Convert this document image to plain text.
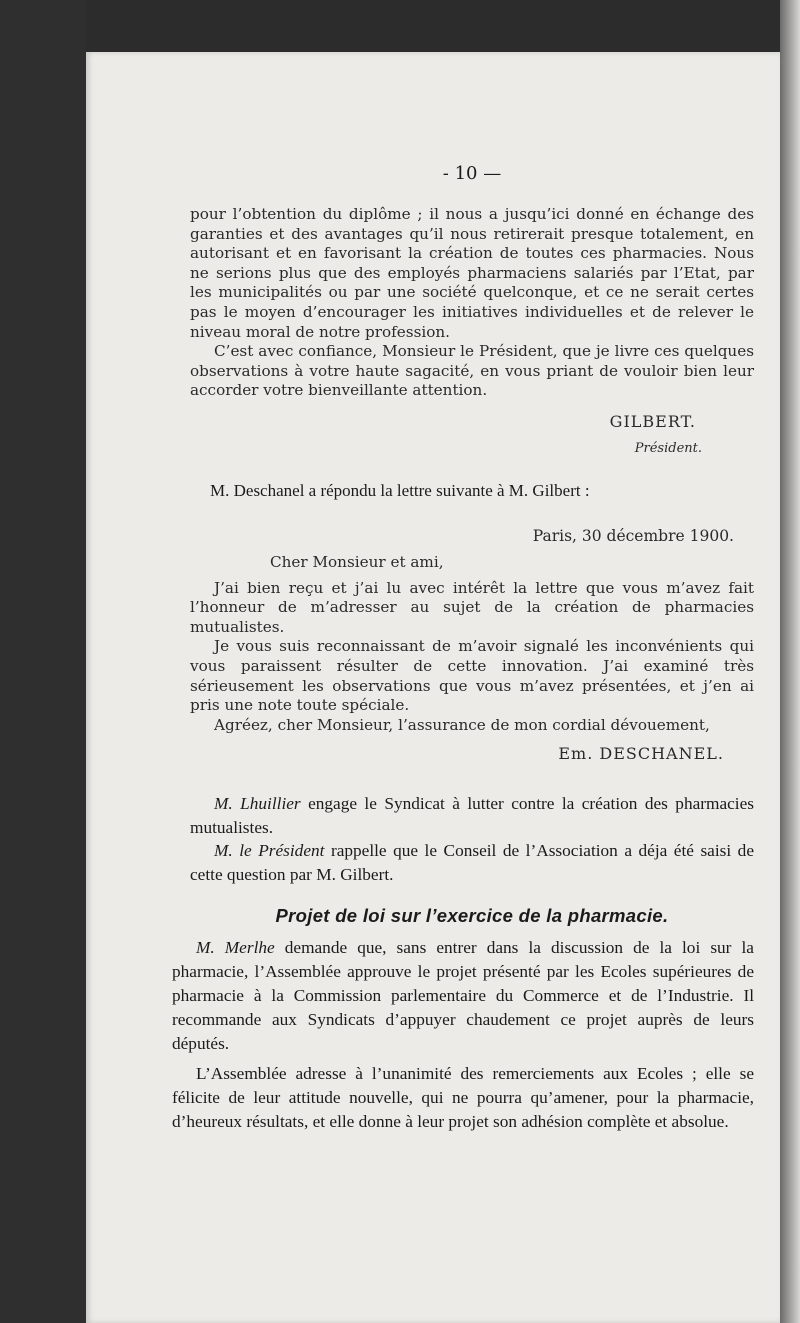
- 10 —

pour l’obtention du diplôme ; il nous a jusqu’ici donné en échange des garanties et des avantages qu’il nous retirerait presque totalement, en autorisant et en favorisant la création de toutes ces pharmacies. Nous ne serions plus que des employés pharmaciens salariés par l’Etat, par les municipalités ou par une société quelconque, et ce ne serait certes pas le moyen d’encourager les initiatives individuelles et de relever le niveau moral de notre profession.

C’est avec confiance, Monsieur le Président, que je livre ces quelques observations à votre haute sagacité, en vous priant de vouloir bien leur accorder votre bienveillante attention.

GILBERT.
Président.
M. Deschanel a répondu la lettre suivante à M. Gilbert :
Paris, 30 décembre 1900.

Cher Monsieur et ami,

J’ai bien reçu et j’ai lu avec intérêt la lettre que vous m’avez fait l’honneur de m’adresser au sujet de la création de pharmacies mutualistes.

Je vous suis reconnaissant de m’avoir signalé les inconvénients qui vous paraissent résulter de cette innovation. J’ai examiné très sérieusement les observations que vous m’avez présentées, et j’en ai pris une note toute spéciale.

Agréez, cher Monsieur, l’assurance de mon cordial dévouement,

Em. DESCHANEL.

M. Lhuillier engage le Syndicat à lutter contre la création des pharmacies mutualistes.

M. le Président rappelle que le Conseil de l’Association a déja été saisi de cette question par M. Gilbert.

Projet de loi sur l’exercice de la pharmacie.

M. Merlhe demande que, sans entrer dans la discussion de la loi sur la pharmacie, l’Assemblée approuve le projet présenté par les Ecoles supérieures de pharmacie à la Commission parlementaire du Commerce et de l’Industrie. Il recommande aux Syndicats d’appuyer chaudement ce projet auprès de leurs députés.

L’Assemblée adresse à l’unanimité des remerciements aux Ecoles ; elle se félicite de leur attitude nouvelle, qui ne pourra qu’amener, pour la pharmacie, d’heureux résultats, et elle donne à leur projet son adhésion complète et absolue.
